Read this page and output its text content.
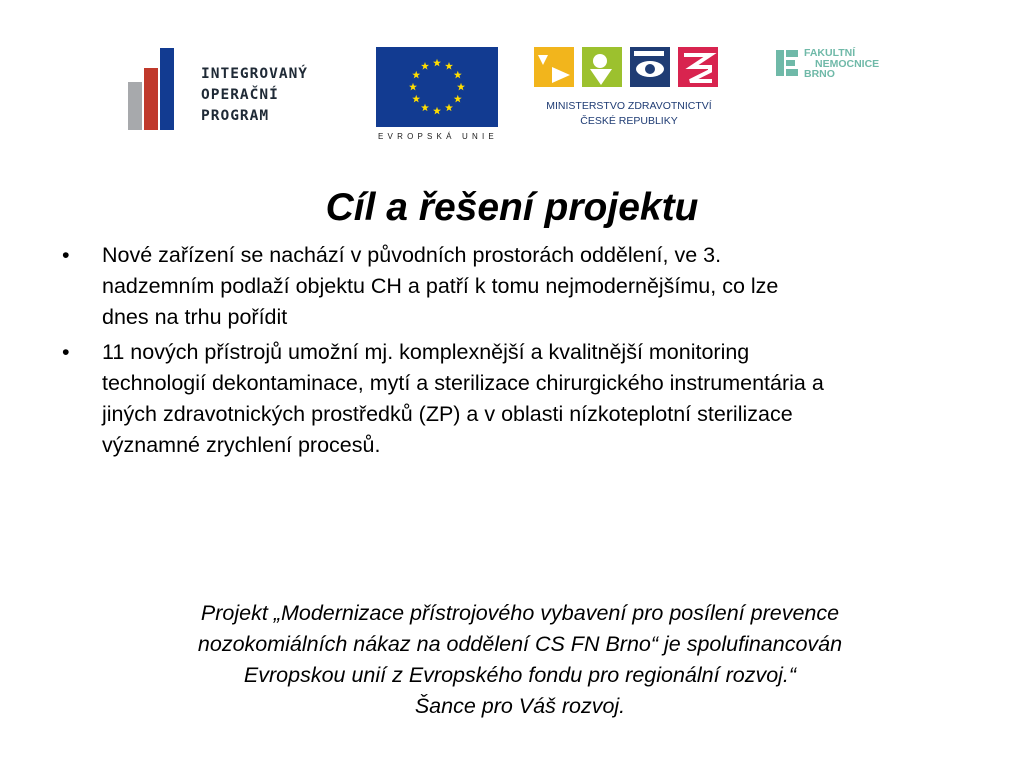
INTEGROVANÝ
OPERAČNÍ
PROGRAM
EVROPSKÁ UNIE
MINISTERSTVO ZDRAVOTNICTVÍ
ČESKÉ REPUBLIKY
FAKULTNÍ
NEMOCNICE
BRNO
Cíl a řešení projektu
• Nové zařízení se nachází v původních prostorách oddělení, ve 3.
nadzemním podlaží objektu CH a patří k tomu nejmodernějšímu, co lze
dnes na trhu pořídit
• 11 nových přístrojů umožní mj. komplexnější a kvalitnější monitoring
technologií dekontaminace, mytí a sterilizace chirurgického instrumentária a
jiných zdravotnických prostředků (ZP) a v oblasti nízkoteplotní sterilizace
významné zrychlení procesů.
Projekt „Modernizace přístrojového vybavení pro posílení prevence
nozokomiálních nákaz na oddělení CS FN Brno“ je spolufinancován
Evropskou unií z Evropského fondu pro regionální rozvoj.“
Šance pro Váš rozvoj.
